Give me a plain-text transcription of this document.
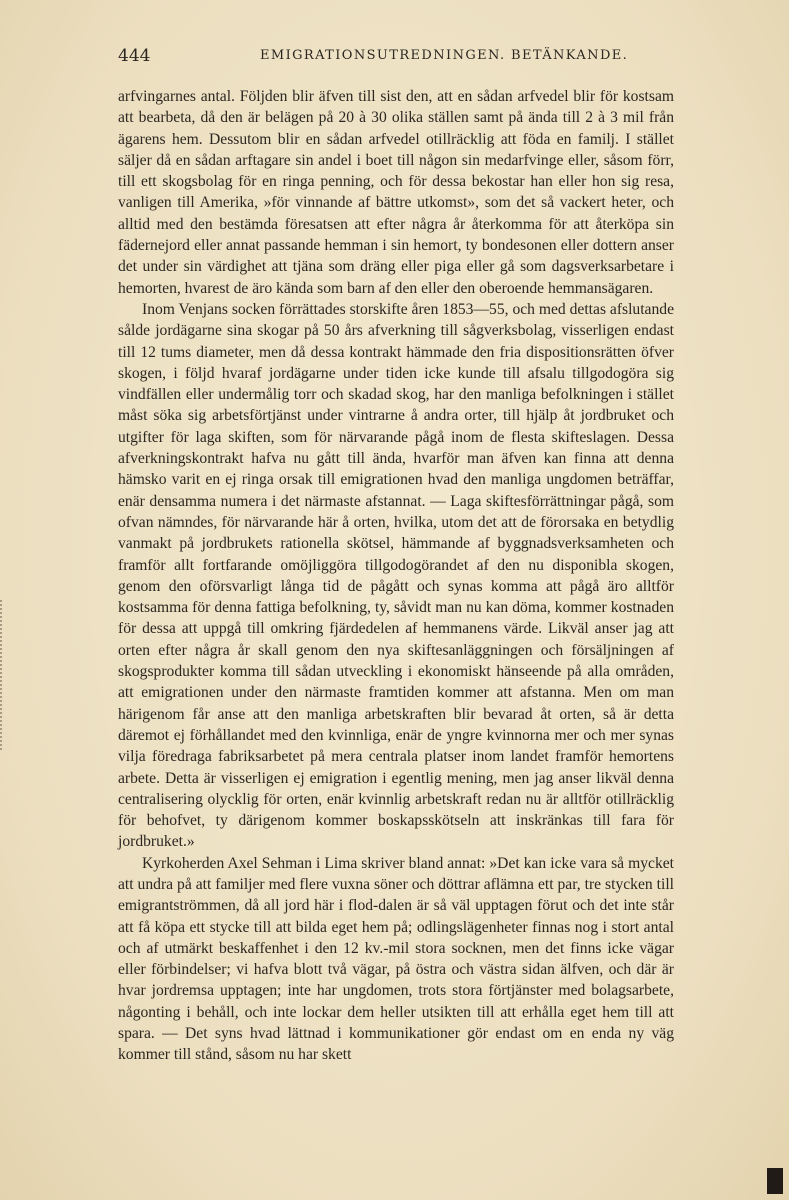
444	EMIGRATIONSUTREDNINGEN. BETÄNKANDE.

arfvingarnes antal. Följden blir äfven till sist den, att en sådan arfvedel blir för kostsam att bearbeta, då den är belägen på 20 à 30 olika ställen samt på ända till 2 à 3 mil från ägarens hem. Dessutom blir en sådan arfvedel otillräcklig att föda en familj. I stället säljer då en sådan arftagare sin andel i boet till någon sin medarfvinge eller, såsom förr, till ett skogsbolag för en ringa penning, och för dessa bekostar han eller hon sig resa, vanligen till Amerika, »för vinnande af bättre utkomst», som det så vackert heter, och alltid med den bestämda föresatsen att efter några år återkomma för att återköpa sin fädernejord eller annat passande hemman i sin hemort, ty bondesonen eller dottern anser det under sin värdighet att tjäna som dräng eller piga eller gå som dagsverksarbetare i hemorten, hvarest de äro kända som barn af den eller den oberoende hemmansägaren.

Inom Venjans socken förrättades storskifte åren 1853—55, och med dettas afslutande sålde jordägarne sina skogar på 50 års afverkning till sågverksbolag, visserligen endast till 12 tums diameter, men då dessa kontrakt hämmade den fria dispositionsrätten öfver skogen, i följd hvaraf jordägarne under tiden icke kunde till afsalu tillgodogöra sig vindfällen eller undermålig torr och skadad skog, har den manliga befolkningen i stället måst söka sig arbetsförtjänst under vintrarne å andra orter, till hjälp åt jordbruket och utgifter för laga skiften, som för närvarande pågå inom de flesta skifteslagen. Dessa afverkningskontrakt hafva nu gått till ända, hvarför man äfven kan finna att denna hämsko varit en ej ringa orsak till emigrationen hvad den manliga ungdomen beträffar, enär densamma numera i det närmaste afstannat. — Laga skiftesförrättningar pågå, som ofvan nämndes, för närvarande här å orten, hvilka, utom det att de förorsaka en betydlig vanmakt på jordbrukets rationella skötsel, hämmande af byggnadsverksamheten och framför allt fortfarande omöjliggöra tillgodogörandet af den nu disponibla skogen, genom den oförsvarligt långa tid de pågått och synas komma att pågå äro alltför kostsamma för denna fattiga befolkning, ty, såvidt man nu kan döma, kommer kostnaden för dessa att uppgå till omkring fjärdedelen af hemmanens värde. Likväl anser jag att orten efter några år skall genom den nya skiftesanläggningen och försäljningen af skogsprodukter komma till sådan utveckling i ekonomiskt hänseende på alla områden, att emigrationen under den närmaste framtiden kommer att afstanna. Men om man härigenom får anse att den manliga arbetskraften blir bevarad åt orten, så är detta däremot ej förhållandet med den kvinnliga, enär de yngre kvinnorna mer och mer synas vilja föredraga fabriksarbetet på mera centrala platser inom landet framför hemortens arbete. Detta är visserligen ej emigration i egentlig mening, men jag anser likväl denna centralisering olycklig för orten, enär kvinnlig arbetskraft redan nu är alltför otillräcklig för behofvet, ty därigenom kommer boskapsskötseln att inskränkas till fara för jordbruket.»

Kyrkoherden Axel Sehman i Lima skriver bland annat: »Det kan icke vara så mycket att undra på att familjer med flere vuxna söner och döttrar aflämna ett par, tre stycken till emigrantströmmen, då all jord här i flod-dalen är så väl upptagen förut och det inte står att få köpa ett stycke till att bilda eget hem på; odlingslägenheter finnas nog i stort antal och af utmärkt beskaffenhet i den 12 kv.-mil stora socknen, men det finns icke vägar eller förbindelser; vi hafva blott två vägar, på östra och västra sidan älfven, och där är hvar jordremsa upptagen; inte har ungdomen, trots stora förtjänster med bolagsarbete, någonting i behåll, och inte lockar dem heller utsikten till att erhålla eget hem till att spara. — Det syns hvad lättnad i kommunikationer gör endast om en enda ny väg kommer till stånd, såsom nu har skett
